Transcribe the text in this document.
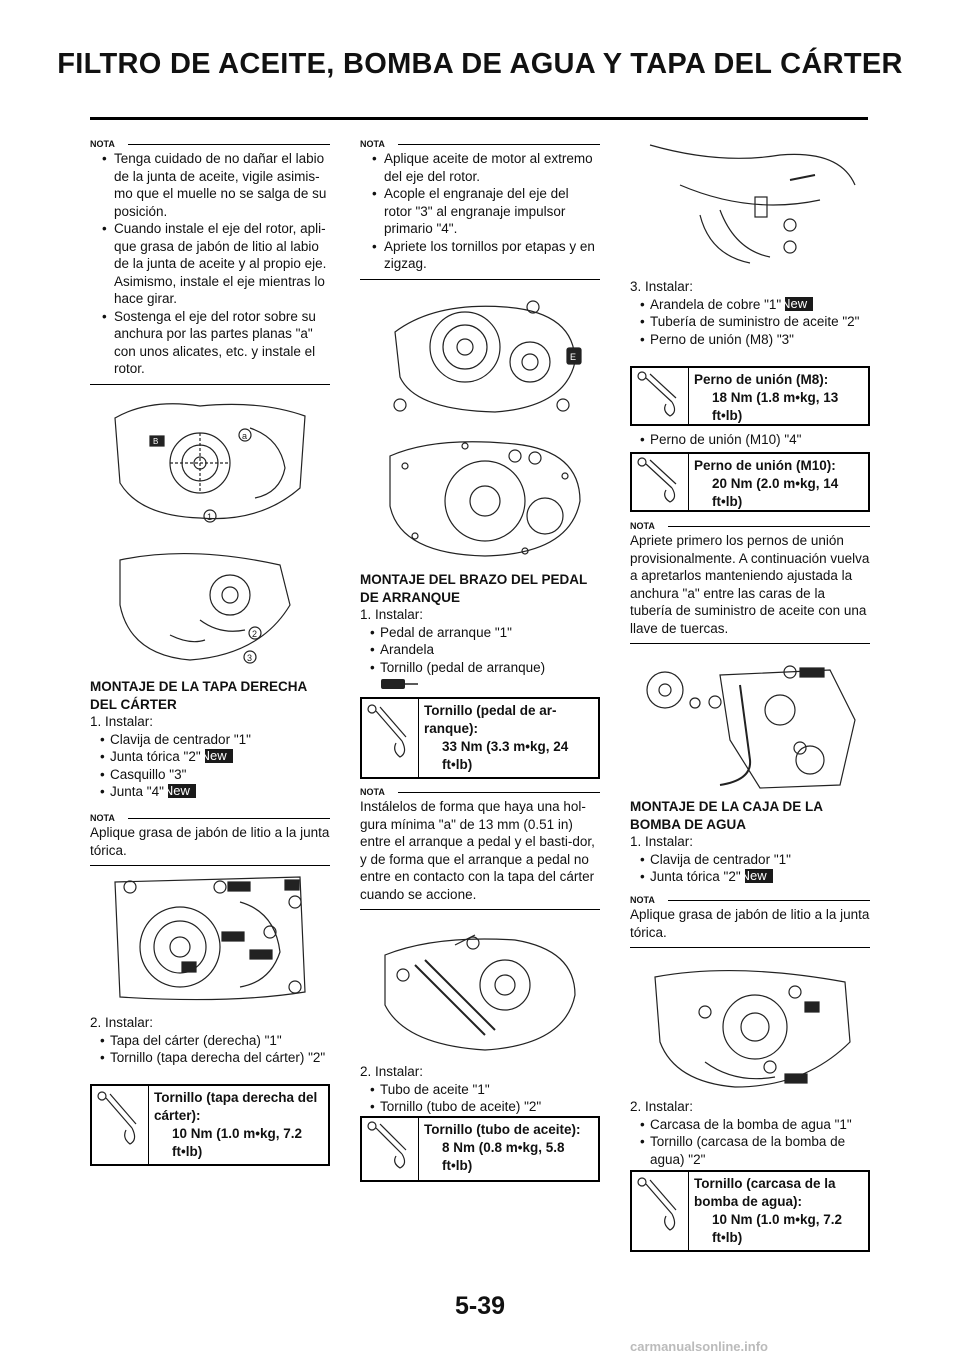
FILTRO DE ACEITE, BOMBA DE AGUA Y TAPA DEL CÁRTER
NOTA
• Tenga cuidado de no dañar el labio de la junta de aceite, vigile asimis-mo que el muelle no se salga de su posición.
• Cuando instale el eje del rotor, apli-que grasa de jabón de litio al labio de la junta de aceite y al propio eje. Asimismo, instale el eje mientras lo hace girar.
• Sostenga el eje del rotor sobre su anchura por las partes planas "a" con unos alicates, etc. y instale el rotor.
1
a
B
2
3
MONTAJE DE LA TAPA DERECHA DEL CÁRTER
1. Instalar:
• Clavija de centrador "1"
• Junta tórica "2"New
• Casquillo "3"
• Junta "4"New
NOTA
Aplique grasa de jabón de litio a la junta tórica.
2. Instalar:
• Tapa del cárter (derecha) "1"
• Tornillo (tapa derecha del cárter) "2"
Tornillo (tapa derecha del cárter):
10 Nm (1.0 m•kg, 7.2 ft•lb)
NOTA
• Aplique aceite de motor al extremo del eje del rotor.
• Acople el engranaje del eje del rotor "3" al engranaje impulsor primario "4".
• Apriete los tornillos por etapas y en zigzag.
E
MONTAJE DEL BRAZO DEL PEDAL DE ARRANQUE
1. Instalar:
• Pedal de arranque "1"
• Arandela
• Tornillo (pedal de arranque)
Tornillo (pedal de ar-ranque):
33 Nm (3.3 m•kg, 24 ft•lb)
NOTA
Instálelos de forma que haya una hol-gura mínima "a" de 13 mm (0.51 in) entre el arranque a pedal y el basti-dor, y de forma que el arranque a pedal no entre en contacto con la tapa del cárter cuando se accione.
2. Instalar:
• Tubo de aceite "1"
• Tornillo (tubo de aceite) "2"
Tornillo (tubo de aceite):
8 Nm (0.8 m•kg, 5.8 ft•lb)
3. Instalar:
• Arandela de cobre "1"New
• Tubería de suministro de aceite "2"
• Perno de unión (M8) "3"
Perno de unión (M8):
18 Nm (1.8 m•kg, 13 ft•lb)
• Perno de unión (M10) "4"
Perno de unión (M10):
20 Nm (2.0 m•kg, 14 ft•lb)
NOTA
Apriete primero los pernos de unión provisionalmente. A continuación vuelva a apretarlos manteniendo ajustada la anchura "a" entre las caras de la tubería de suministro de aceite con una llave de tuercas.
MONTAJE DE LA CAJA DE LA BOMBA DE AGUA
1. Instalar:
• Clavija de centrador "1"
• Junta tórica "2"New
NOTA
Aplique grasa de jabón de litio a la junta tórica.
2. Instalar:
• Carcasa de la bomba de agua "1"
• Tornillo (carcasa de la bomba de agua) "2"
Tornillo (carcasa de la bomba de agua):
10 Nm (1.0 m•kg, 7.2 ft•lb)
5-39
carmanualsonline.info
